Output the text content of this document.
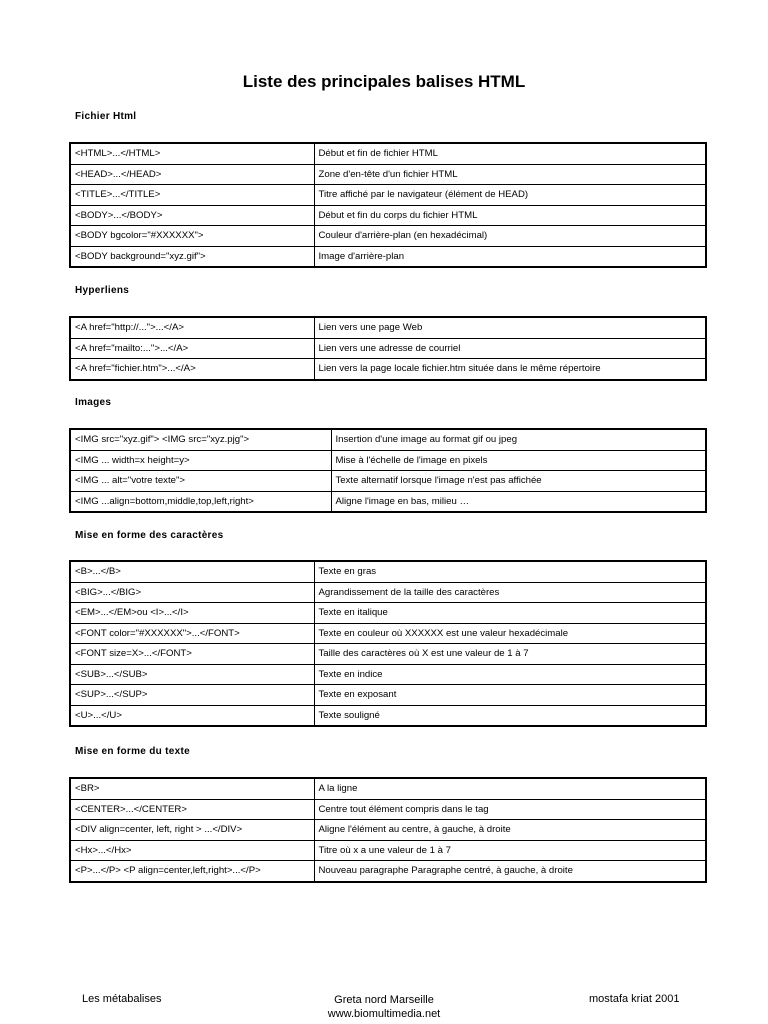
Liste des principales balises HTML

Fichier Html

<HTML>...</HTML>	Début et fin de fichier HTML
<HEAD>...</HEAD>	Zone d'en-tête d'un fichier HTML
<TITLE>...</TITLE>	Titre affiché par le navigateur (élément de HEAD)
<BODY>...</BODY>	Début et fin du corps du fichier HTML
<BODY bgcolor="#XXXXXX">	Couleur d'arrière-plan (en hexadécimal)
<BODY background="xyz.gif">	Image d'arrière-plan

Hyperliens

<A href="http://...">...</A>	Lien vers une page Web
<A href="mailto:...">...</A>	Lien vers une adresse de courriel
<A href="fichier.htm">...</A>	Lien vers la page locale fichier.htm située dans le même répertoire

Images

<IMG src="xyz.gif"> <IMG src="xyz.pjg">	Insertion d'une image au format gif ou jpeg
<IMG ... width=x height=y>	Mise à l'échelle de l'image en pixels
<IMG ... alt="votre texte">	Texte alternatif lorsque l'image n'est pas affichée
<IMG ...align=bottom,middle,top,left,right>	Aligne l'image en bas, milieu …

Mise en forme des caractères

<B>...</B>	Texte en gras
<BIG>...</BIG>	Agrandissement de la taille des caractères
<EM>...</EM>ou <I>...</I>	Texte en italique
<FONT color="#XXXXXX">...</FONT>	Texte en couleur où XXXXXX est une valeur hexadécimale
<FONT size=X>...</FONT>	Taille des caractères où X est une valeur de 1 à 7
<SUB>...</SUB>	Texte en indice
<SUP>...</SUP>	Texte en exposant
<U>...</U>	Texte souligné

Mise en forme du texte

<BR>	A la ligne
<CENTER>...</CENTER>	Centre tout élément compris dans le tag
<DIV align=center, left, right > ...</DIV>	Aligne l'élément au centre, à gauche, à droite
<Hx>...</Hx>	Titre où x a une valeur de 1 à 7
<P>...</P> <P align=center,left,right>...</P>	Nouveau paragraphe Paragraphe centré, à gauche, à droite

Les métabalises	Greta nord Marseille
www.biomultimedia.net

mostafa kriat 2001
